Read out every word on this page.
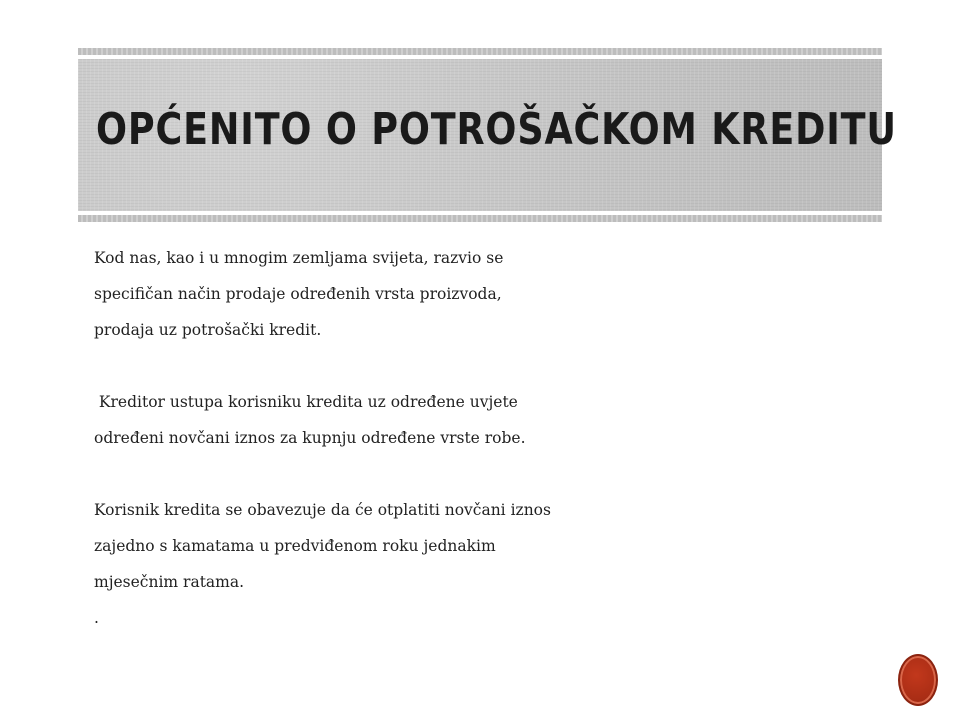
OPĆENITO O POTROŠAČKOM KREDITU
Kod nas, kao i u mnogim zemljama svijeta, razvio se
specifičan način prodaje određenih vrsta proizvoda,
prodaja uz potrošački kredit.
Kreditor ustupa korisniku kredita uz određene uvjete
određeni novčani iznos za kupnju određene vrste robe.
Korisnik kredita se obavezuje da će otplatiti novčani iznos
zajedno s kamatama u predviđenom roku jednakim
mjesečnim ratama.
.
